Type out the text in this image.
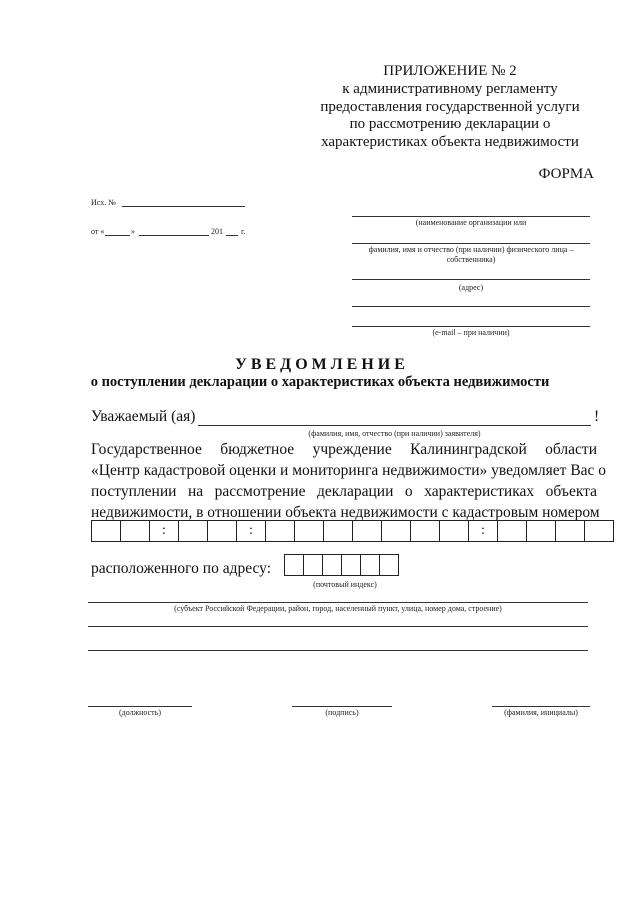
ПРИЛОЖЕНИЕ № 2
к административному регламенту
предоставления государственной услуги
по рассмотрению декларации о
характеристиках объекта недвижимости
ФОРМА
Исх. №
от «	»	201 г.
(наименование организации или
фамилия, имя и отчество (при наличии) физического лица –
собственника)
(адрес)
(e-mail – при наличии)
У В Е Д О М Л Е Н И Е
о поступлении декларации о характеристиках объекта недвижимости
Уважаемый (ая)	!
(фамилия, имя, отчество (при наличии) заявителя)
Государственное бюджетное учреждение Калининградской области
«Центр кадастровой оценки и мониторинга недвижимости» уведомляет Вас о
поступлении на рассмотрение декларации о характеристиках объекта
недвижимости, в отношении объекта недвижимости с кадастровым номером
		:			:								:				
расположенного по адресу:

(почтовый индекс)
(субъект Российской Федерации, район, город, населенный пункт, улица, номер дома, строение)
(должность)	(подпись)	(фамилия, инициалы)
